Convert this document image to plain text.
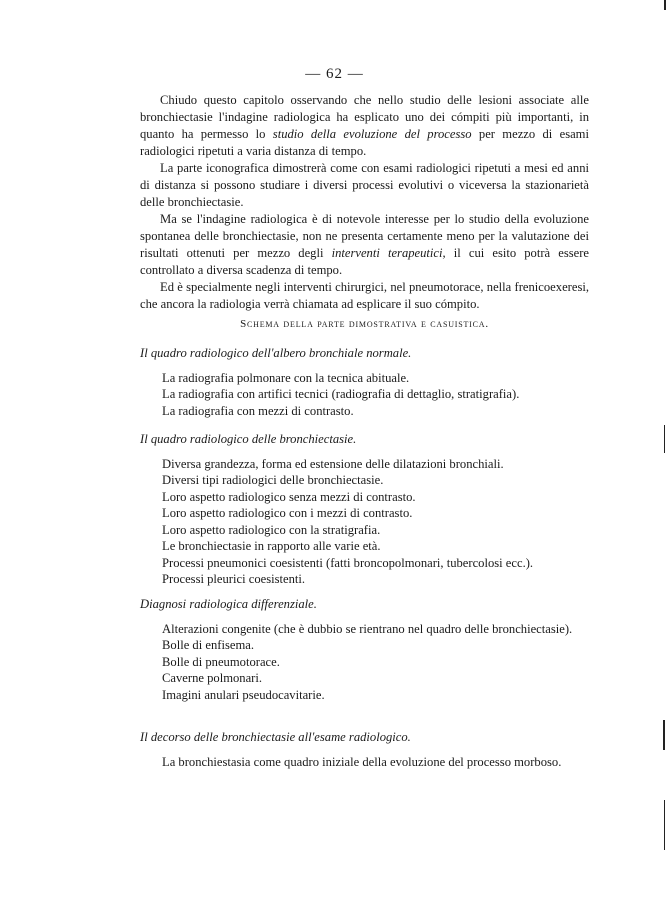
— 62 —

Chiudo questo capitolo osservando che nello studio delle lesioni associate alle bronchiectasie l'indagine radiologica ha esplicato uno dei cómpiti più importanti, in quanto ha permesso lo studio della evoluzione del processo per mezzo di esami radiologici ripetuti a varia distanza di tempo.

La parte iconografica dimostrerà come con esami radiologici ripetuti a mesi ed anni di distanza si possono studiare i diversi processi evolutivi o viceversa la stazionarietà delle bronchiectasie.

Ma se l'indagine radiologica è di notevole interesse per lo studio della evoluzione spontanea delle bronchiectasie, non ne presenta certamente meno per la valutazione dei risultati ottenuti per mezzo degli interventi terapeutici, il cui esito potrà essere controllato a diversa scadenza di tempo.

Ed è specialmente negli interventi chirurgici, nel pneumotorace, nella frenicoexeresi, che ancora la radiologia verrà chiamata ad esplicare il suo cómpito.

Schema della parte dimostrativa e casuistica.

Il quadro radiologico dell'albero bronchiale normale.

La radiografia polmonare con la tecnica abituale.

La radiografia con artifici tecnici (radiografia di dettaglio, stratigrafia).

La radiografia con mezzi di contrasto.

Il quadro radiologico delle bronchiectasie.

Diversa grandezza, forma ed estensione delle dilatazioni bronchiali.

Diversi tipi radiologici delle bronchiectasie.

Loro aspetto radiologico senza mezzi di contrasto.

Loro aspetto radiologico con i mezzi di contrasto.

Loro aspetto radiologico con la stratigrafia.

Le bronchiectasie in rapporto alle varie età.

Processi pneumonici coesistenti (fatti broncopolmonari, tubercolosi ecc.).

Processi pleurici coesistenti.

Diagnosi radiologica differenziale.

Alterazioni congenite (che è dubbio se rientrano nel quadro delle bronchiectasie).

Bolle di enfisema.

Bolle di pneumotorace.

Caverne polmonari.

Imagini anulari pseudocavitarie.

Il decorso delle bronchiectasie all'esame radiologico.

La bronchiestasia come quadro iniziale della evoluzione del processo morboso.
